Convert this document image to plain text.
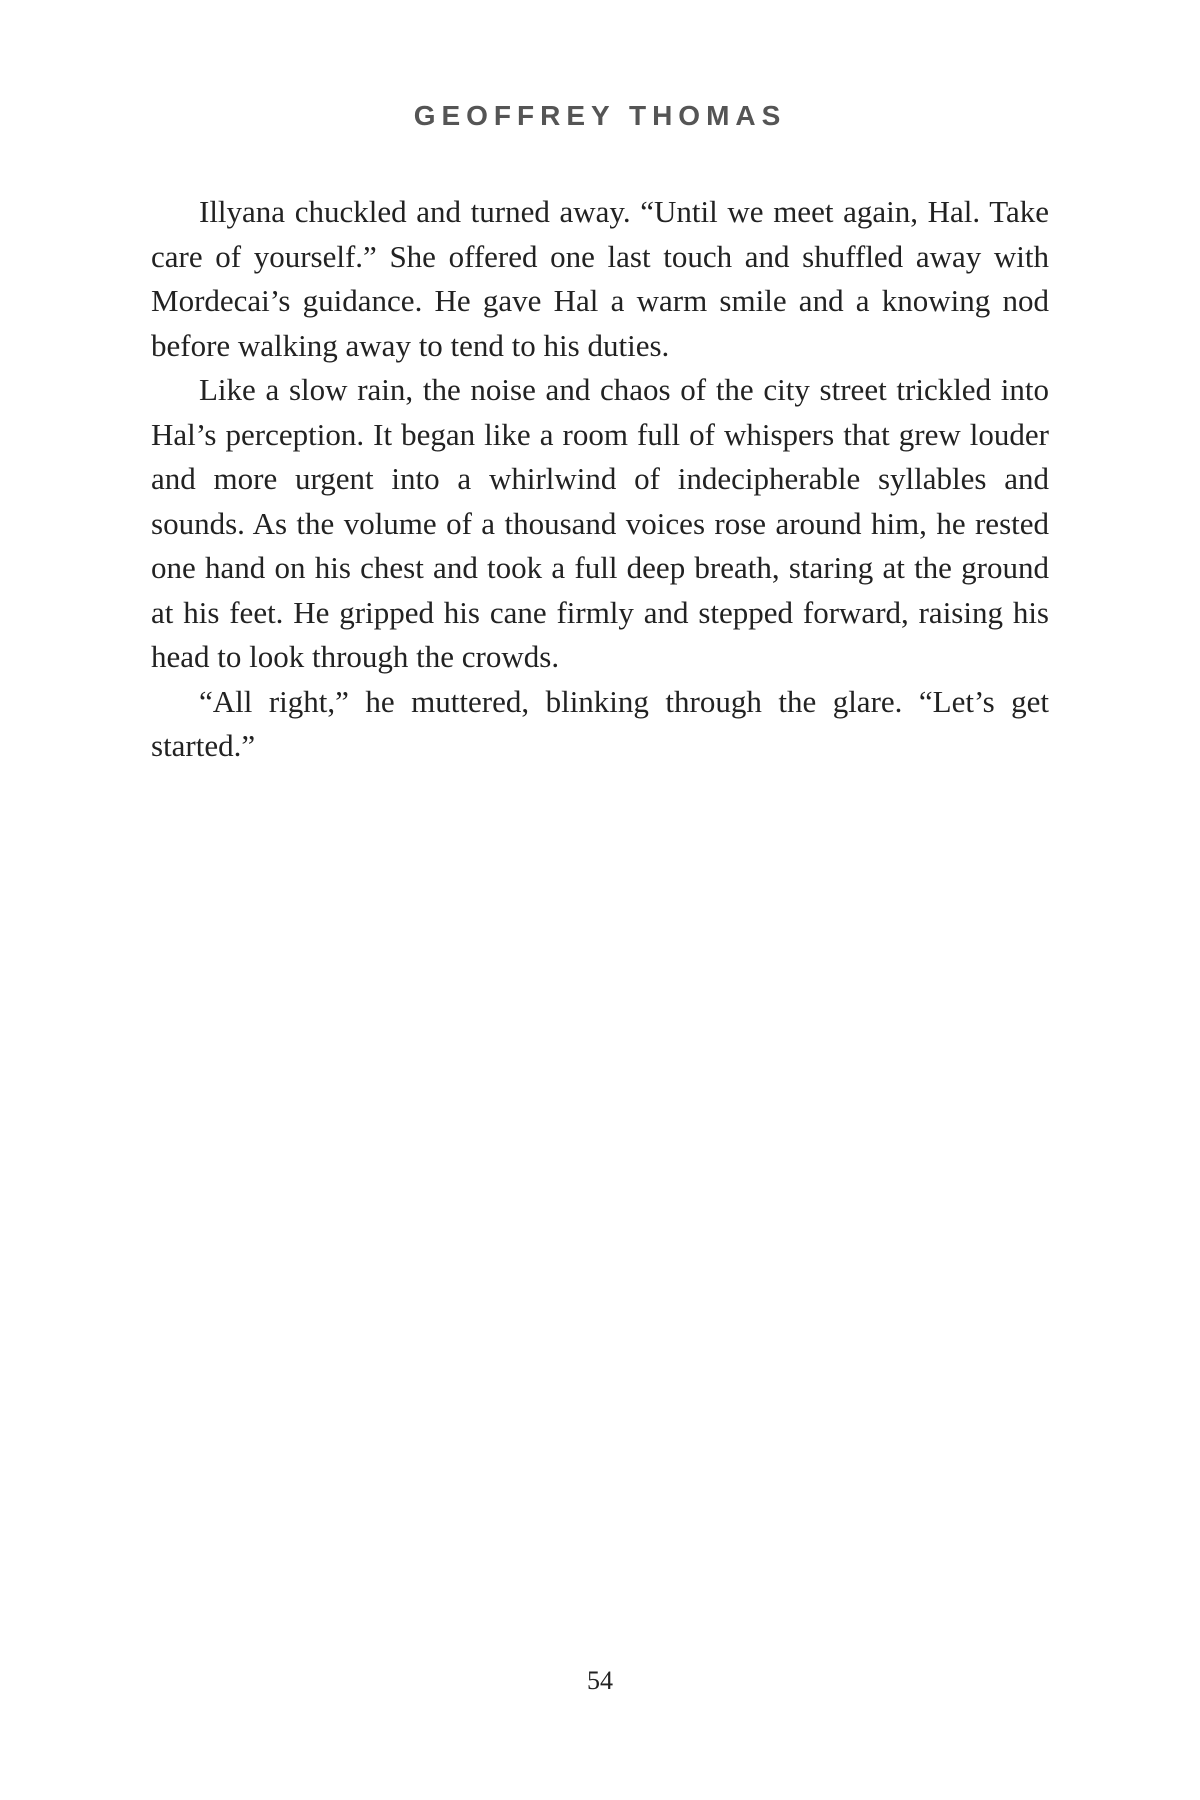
GEOFFREY THOMAS

Illyana chuckled and turned away. “Until we meet again, Hal. Take care of yourself.” She offered one last touch and shuffled away with Mordecai’s guidance. He gave Hal a warm smile and a knowing nod before walking away to tend to his duties.

Like a slow rain, the noise and chaos of the city street trickled into Hal’s perception. It began like a room full of whispers that grew louder and more urgent into a whirlwind of indecipherable syllables and sounds. As the volume of a thousand voices rose around him, he rested one hand on his chest and took a full deep breath, staring at the ground at his feet. He gripped his cane firmly and stepped forward, raising his head to look through the crowds.

“All right,” he muttered, blinking through the glare. “Let’s get started.”

54
